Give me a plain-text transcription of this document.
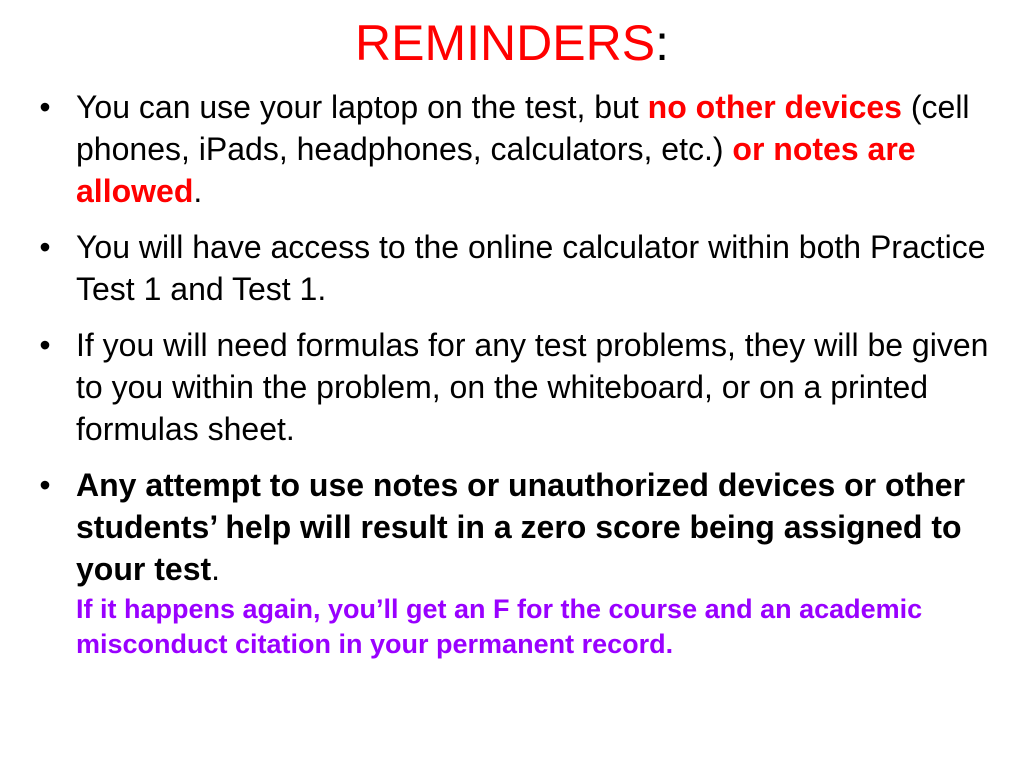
REMINDERS:
• You can use your laptop on the test, but no other devices (cell phones, iPads, headphones, calculators, etc.) or notes are allowed.
• You will have access to the online calculator within both Practice Test 1 and Test 1.
• If you will need formulas for any test problems, they will be given to you within the problem, on the whiteboard, or on a printed formulas sheet.
• Any attempt to use notes or unauthorized devices or other students’ help will result in a zero score being assigned to your test.
If it happens again, you’ll get an F for the course and an academic misconduct citation in your permanent record.
